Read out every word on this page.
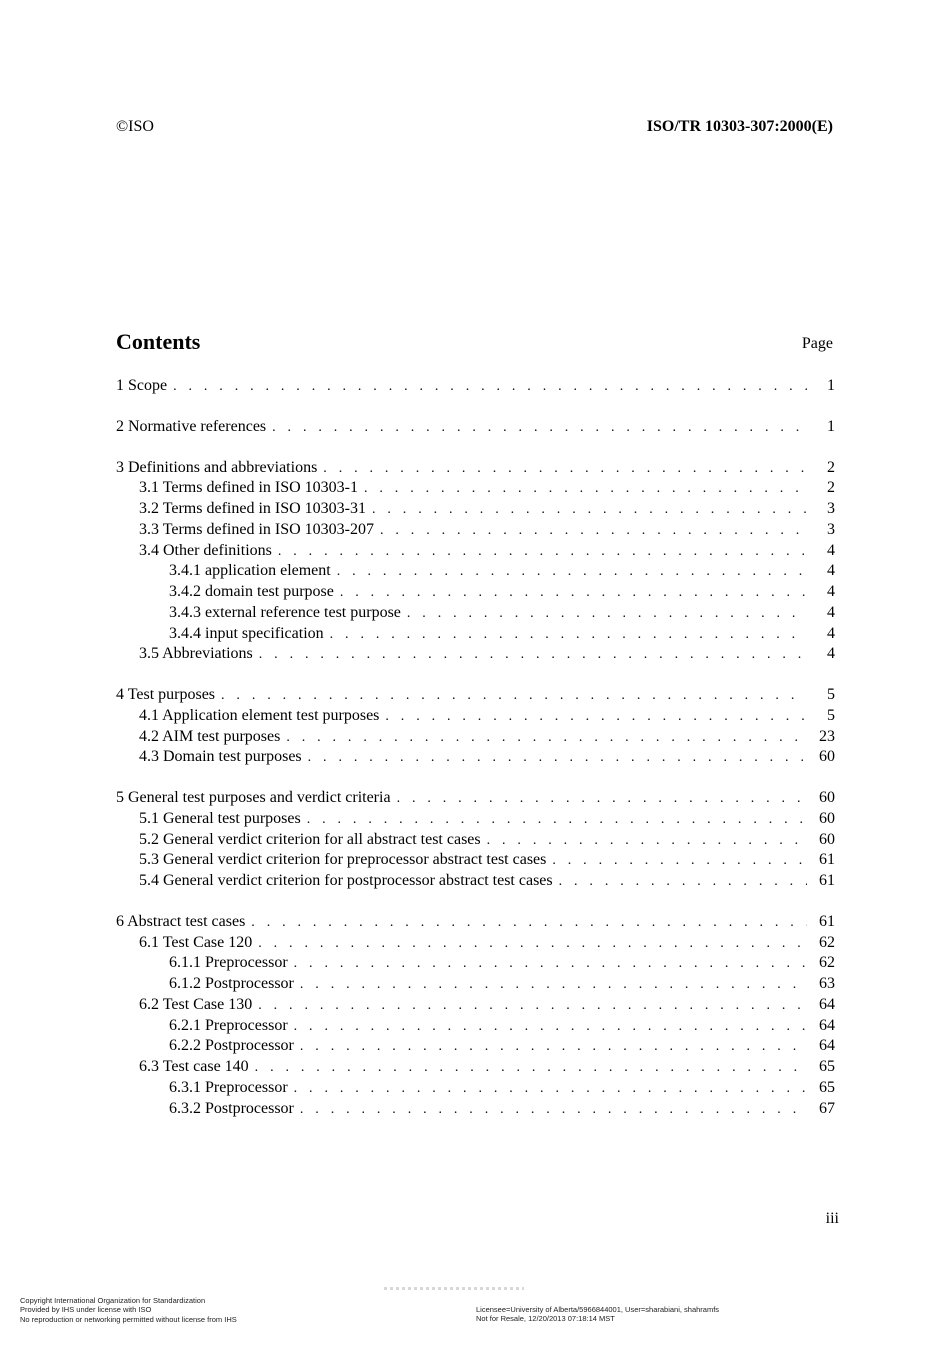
©ISO	ISO/TR 10303-307:2000(E)
Contents	Page
1 Scope . . .	1
2 Normative references . . .	1
3 Definitions and abbreviations . . .	2
3.1 Terms defined in ISO 10303-1 . . .	2
3.2 Terms defined in ISO 10303-31 . . .	3
3.3 Terms defined in ISO 10303-207 . . .	3
3.4 Other definitions . . .	4
3.4.1 application element . . .	4
3.4.2 domain test purpose . . .	4
3.4.3 external reference test purpose . . .	4
3.4.4 input specification . . .	4
3.5 Abbreviations . . .	4
4 Test purposes . . .	5
4.1 Application element test purposes . . .	5
4.2 AIM test purposes . . .	23
4.3 Domain test purposes . . .	60
5 General test purposes and verdict criteria . . .	60
5.1 General test purposes . . .	60
5.2 General verdict criterion for all abstract test cases . . .	60
5.3 General verdict criterion for preprocessor abstract test cases . . .	61
5.4 General verdict criterion for postprocessor abstract test cases . . .	61
6 Abstract test cases . . .	61
6.1 Test Case 120 . . .	62
6.1.1 Preprocessor . . .	62
6.1.2 Postprocessor . . .	63
6.2 Test Case 130 . . .	64
6.2.1 Preprocessor . . .	64
6.2.2 Postprocessor . . .	64
6.3 Test case 140 . . .	65
6.3.1 Preprocessor . . .	65
6.3.2 Postprocessor . . .	67
iii
Copyright International Organization for Standardization
Provided by IHS under license with ISO
No reproduction or networking permitted without license from IHS
Licensee=University of Alberta/5966844001, User=sharabiani, shahramfs
Not for Resale, 12/20/2013 07:18:14 MST
